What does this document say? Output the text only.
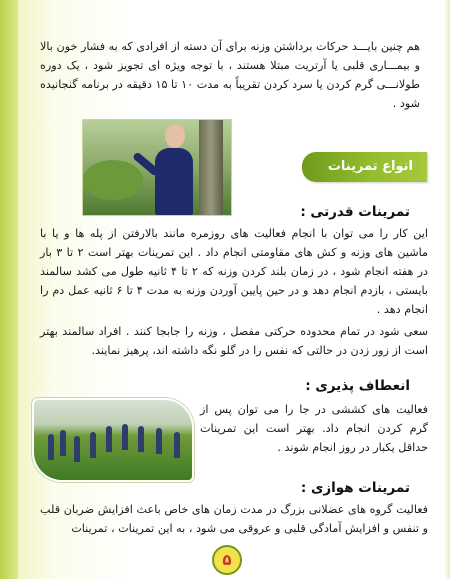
هم چنین بایـــد حرکات برداشتن وزنه برای آن دسته از افرادی که به فشار خون بالا و بیمـــاری قلبی یا آرتریت مبتلا هستند ، با توجه ویژه ای تجویز شود ، یک دوره طولانـــی گرم کردن یا سرد کردن تقریباً به مدت ۱۰ تا ۱۵ دقیقه در برنامه گنجانیده شود .
انواع تمرینات
تمرینات قدرتی :
این کار را می توان با انجام فعالیت های روزمره مانند بالارفتن از پله ها و یا با ماشین های وزنه و کش های مقاومتی انجام داد . این تمرینات بهتر است ۲ تا ۳ بار در هفته انجام شود ، در زمان بلند کردن وزنه که ۲ تا ۴ ثانیه طول می کشد سالمند بایستی ، بازدم انجام دهد و در حین پایین آوردن وزنه به مدت ۴ تا ۶ ثانیه عمل دم را انجام دهد .
سعی شود در تمام محدوده حرکتی مفصل ، وزنه را جابجا کنند . افراد سالمند بهتر است از زور زدن در حالتی که نفس را در گلو نگه داشته اند، پرهیز نمایند.
انعطاف پذیری :
فعالیت های کششی در جا را می توان پس از گرم کردن انجام داد. بهتر است این تمرینات حداقل یکبار در روز انجام شوند .
تمرینات هوازی :
فعالیت گروه های عضلانی بزرگ در مدت زمان های خاص باعث افزایش ضربان قلب و تنفس و افزایش آمادگی قلبی و عروقی می شود ، به این تمرینات ، تمرینات
۵
